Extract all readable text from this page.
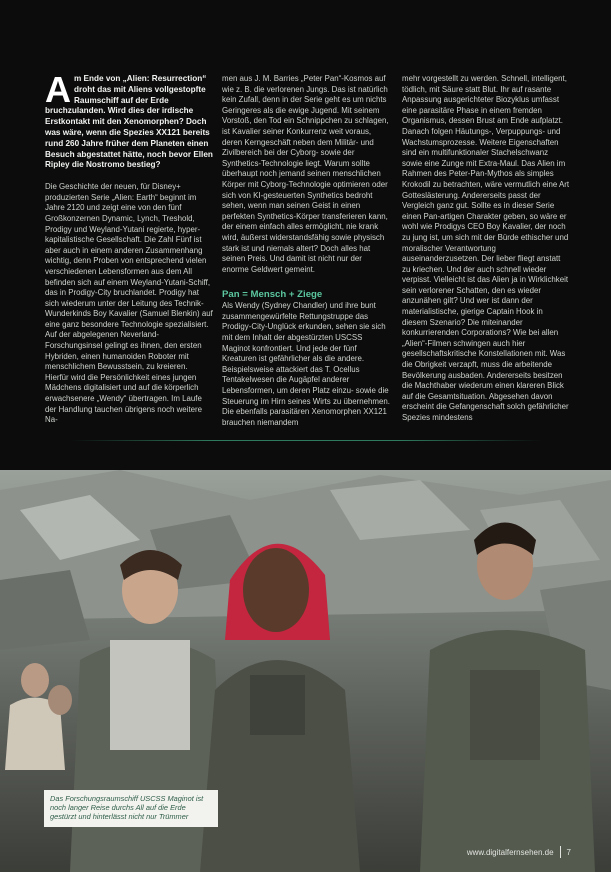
Am Ende von „Alien: Resurrection“ droht das mit Aliens vollgestopfte Raumschiff auf der Erde bruchzulanden. Wird dies der irdische Erstkontakt mit den Xenomorphen? Doch was wäre, wenn die Spezies XX121 bereits rund 260 Jahre früher dem Planeten einen Besuch abgestattet hätte, noch bevor Ellen Ripley die Nostromo bestieg?

Die Geschichte der neuen, für Disney+ produzierten Serie „Alien: Earth“ beginnt im Jahre 2120 und zeigt eine von den fünf Großkonzernen Dynamic, Lynch, Treshold, Prodigy und Weyland-Yutani regierte, hyper-kapitalistische Gesellschaft. Die Zahl Fünf ist aber auch in einem anderen Zusammenhang wichtig, denn Proben von entsprechend vielen verschiedenen Lebensformen aus dem All befinden sich auf einem Weyland-Yutani-Schiff, das in Prodigy-City bruchlandet. Prodigy hat sich wiederum unter der Leitung des Technik-Wunderkinds Boy Kavalier (Samuel Blenkin) auf eine ganz besondere Technologie spezialisiert. Auf der abgelegenen Neverland-Forschungsinsel gelingt es ihnen, den ersten Hybriden, einen humanoiden Roboter mit menschlichem Bewusstsein, zu kreieren. Hierfür wird die Persönlichkeit eines jungen Mädchens digitalisiert und auf die körperlich erwachsenere „Wendy“ übertragen. Im Laufe der Handlung tauchen übrigens noch weitere Na-

men aus J. M. Barries „Peter Pan“-Kosmos auf wie z. B. die verlorenen Jungs. Das ist natürlich kein Zufall, denn in der Serie geht es um nichts Geringeres als die ewige Jugend. Mit seinem Vorstoß, den Tod ein Schnippchen zu schlagen, ist Kavalier seiner Konkurrenz weit voraus, deren Kerngeschäft neben dem Militär- und Zivilbereich bei der Cyborg- sowie der Synthetics-Technologie liegt. Warum sollte überhaupt noch jemand seinen menschlichen Körper mit Cyborg-Technologie optimieren oder sich von KI-gesteuerten Synthetics bedroht sehen, wenn man seinen Geist in einen perfekten Synthetics-Körper transferieren kann, der einem einfach alles ermöglicht, nie krank wird, äußerst widerstandsfähig sowie physisch stark ist und niemals altert? Doch alles hat seinen Preis. Und damit ist nicht nur der enorme Geldwert gemeint.

Pan = Mensch + Ziege

Als Wendy (Sydney Chandler) und ihre bunt zusammengewürfelte Rettungstruppe das Prodigy-City-Unglück erkunden, sehen sie sich mit dem Inhalt der abgestürzten USCSS Maginot konfrontiert. Und jede der fünf Kreaturen ist gefährlicher als die andere. Beispielsweise attackiert das T. Ocellus Tentakelwesen die Augäpfel anderer Lebensformen, um deren Platz einzu- sowie die Steuerung im Hirn seines Wirts zu übernehmen. Die ebenfalls parasitären Xenomorphen XX121 brauchen niemandem

mehr vorgestellt zu werden. Schnell, intelligent, tödlich, mit Säure statt Blut. Ihr auf rasante Anpassung ausgerichteter Biozyklus umfasst eine parasitäre Phase in einem fremden Organismus, dessen Brust am Ende aufplatzt. Danach folgen Häutungs-, Verpuppungs- und Wachstumsprozesse. Weitere Eigenschaften sind ein multifunktionaler Stachelschwanz sowie eine Zunge mit Extra-Maul. Das Alien im Rahmen des Peter-Pan-Mythos als simples Krokodil zu betrachten, wäre vermutlich eine Art Gotteslästerung. Andererseits passt der Vergleich ganz gut. Sollte es in dieser Serie einen Pan-artigen Charakter geben, so wäre er wohl wie Prodigys CEO Boy Kavalier, der noch zu jung ist, um sich mit der Bürde ethischer und moralischer Verantwortung auseinanderzusetzen. Der lieber fliegt anstatt zu kriechen. Und der auch schnell wieder verpisst. Vielleicht ist das Alien ja in Wirklichkeit sein verlorener Schatten, den es wieder anzunähen gilt? Und wer ist dann der materialistische, gierige Captain Hook in diesem Szenario? Die miteinander konkurrierenden Corporations? Wie bei allen „Alien“-Filmen schwingen auch hier gesellschaftskritische Konstellationen mit. Was die Obrigkeit verzapft, muss die arbeitende Bevölkerung ausbaden. Andererseits besitzen die Machthaber wiederum einen klareren Blick auf die Gesamtsituation. Abgesehen davon erscheint die Gefangenschaft solch gefährlicher Spezies mindestens

Das Forschungsraumschiff USCSS Maginot ist noch langer Reise durchs All auf die Erde gestürzt und hinterlässt nicht nur Trümmer
www.digitalfernsehen.de 7
